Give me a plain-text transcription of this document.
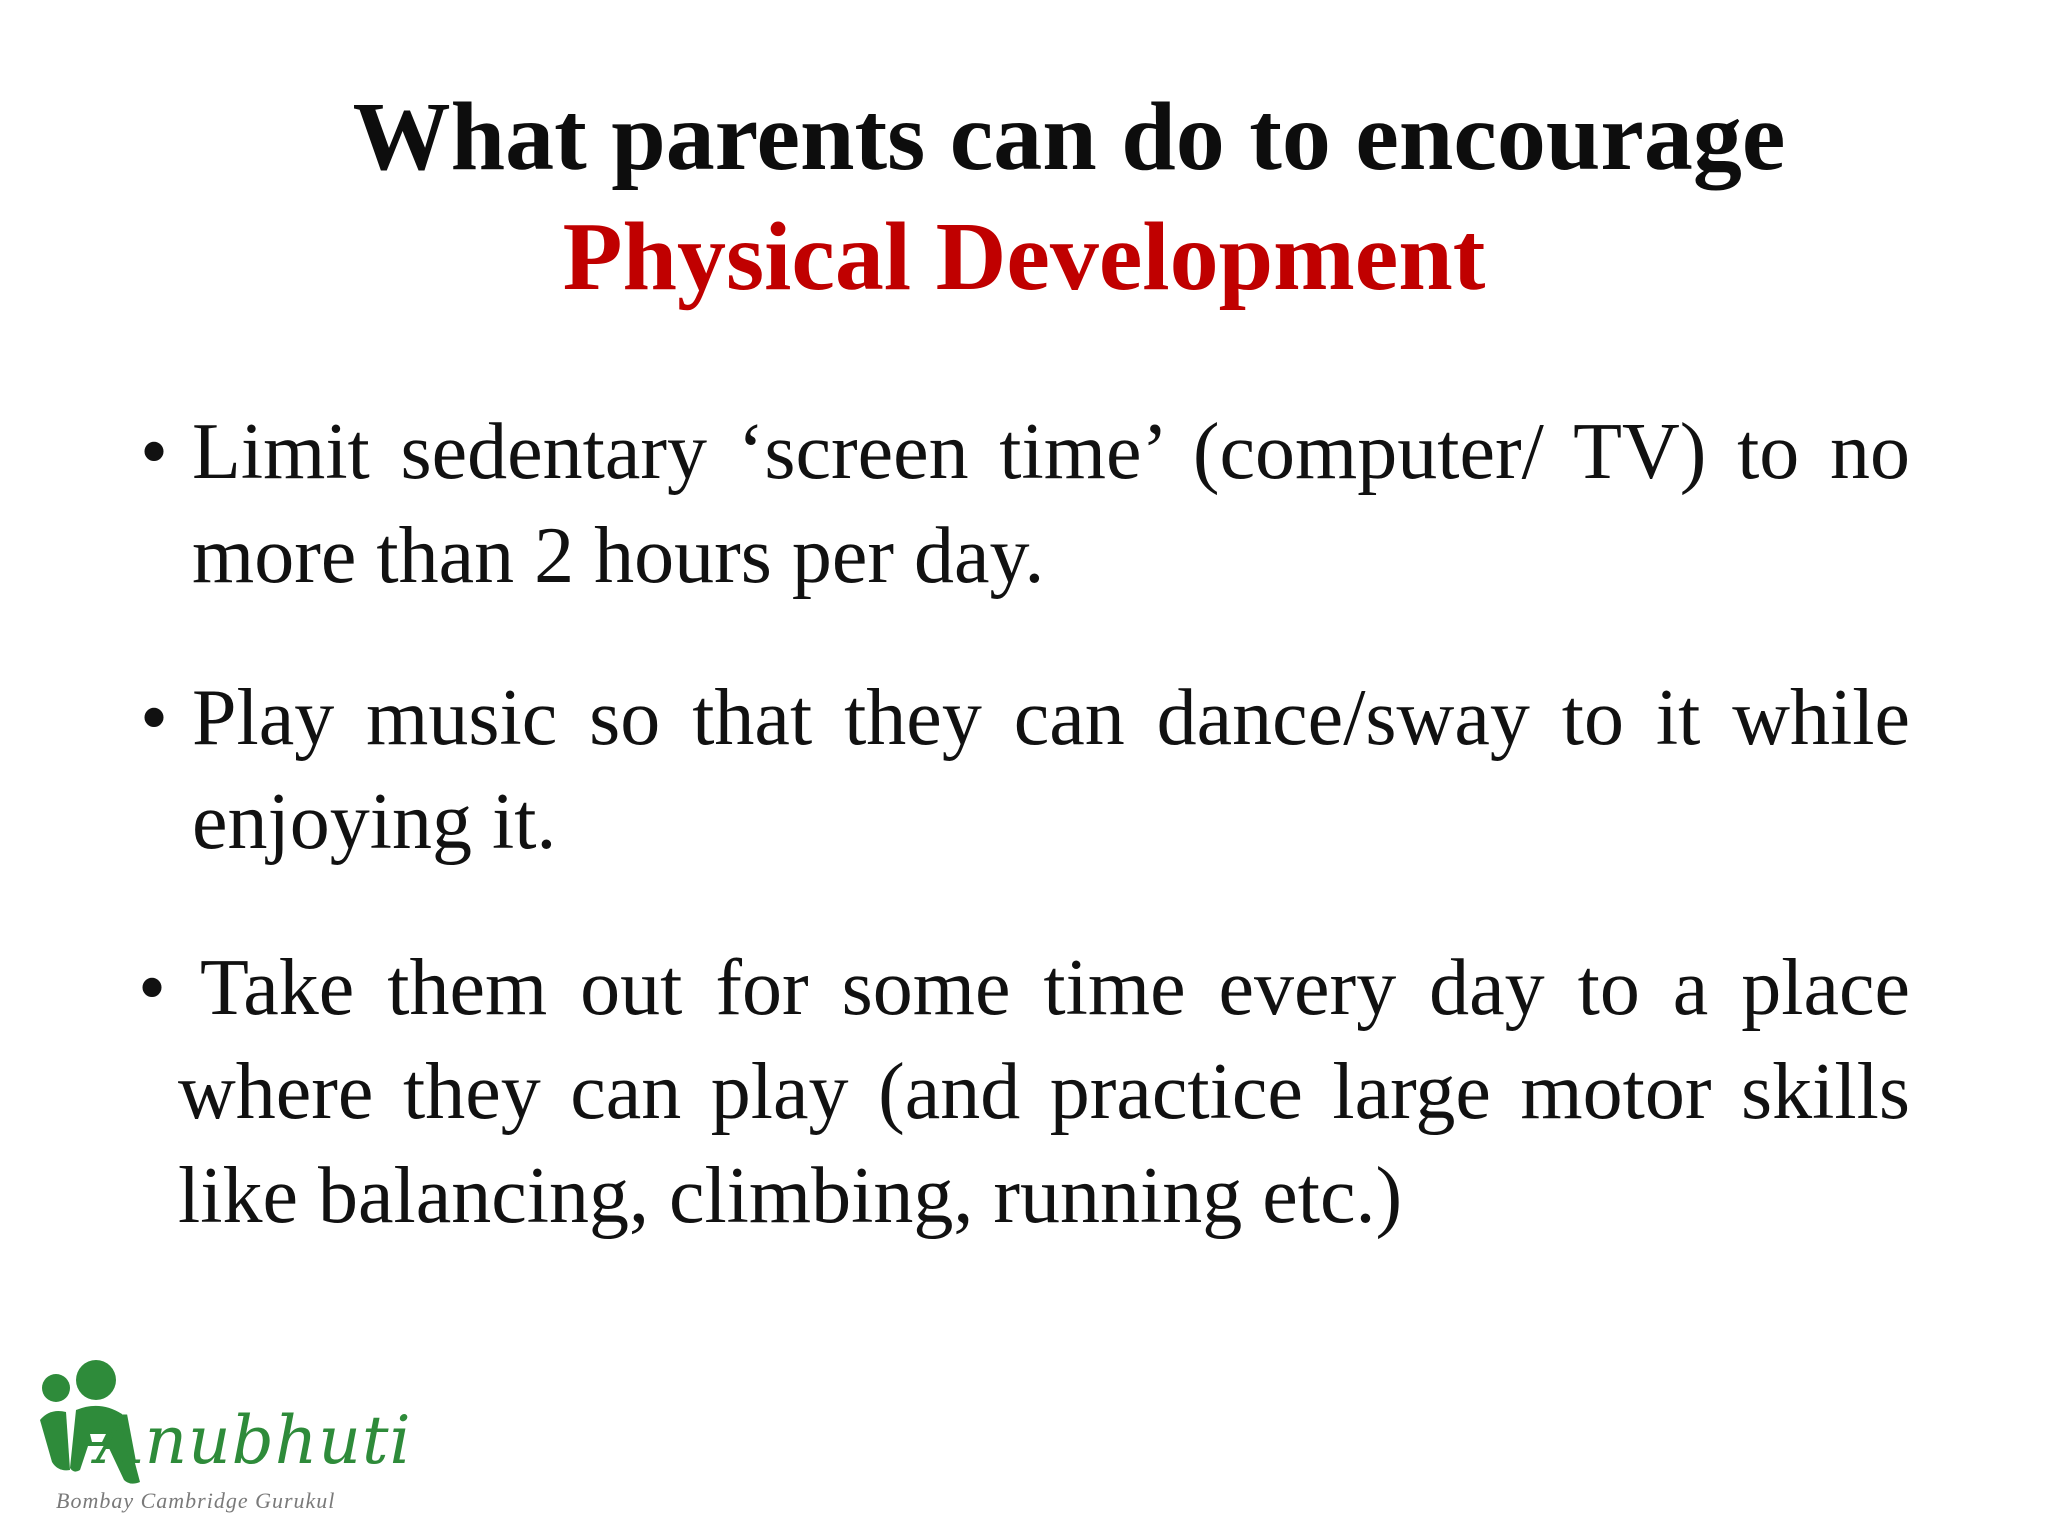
What parents can do to encourage
Physical Development

• Limit sedentary ‘screen time’ (computer/ TV) to no more than 2 hours per day.

• Play music so that they can dance/sway to it while enjoying it.

• Take them out for some time every day to a place where they can play (and practice large motor skills like balancing, climbing, running etc.)

Anubhuti
Bombay Cambridge Gurukul
